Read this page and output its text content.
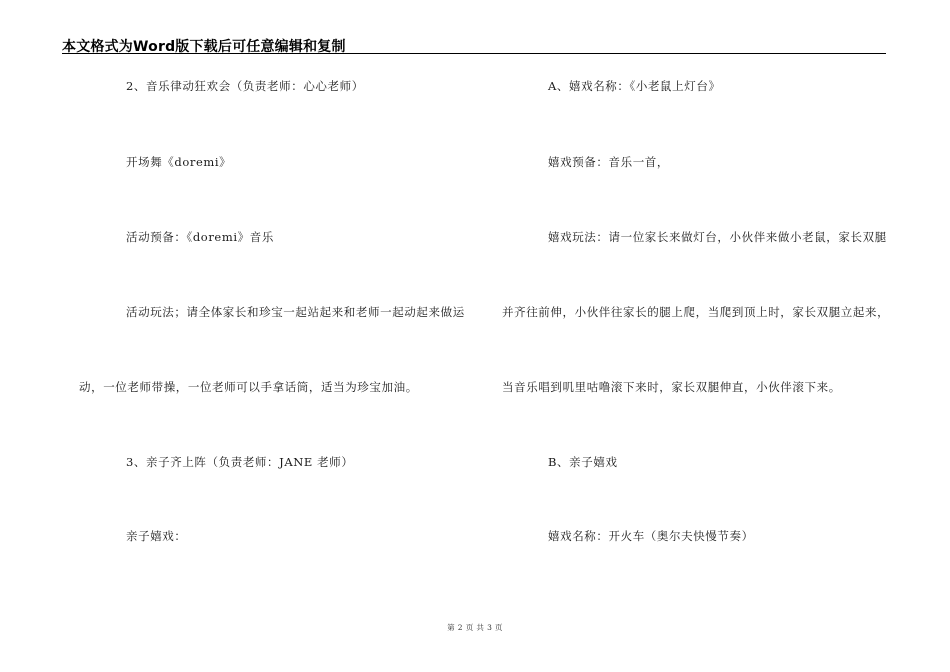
本文格式为Word版下载后可任意编辑和复制
2、音乐律动狂欢会（负责老师：心心老师）
开场舞《doremi》
活动预备：《doremi》音乐
活动玩法；请全体家长和珍宝一起站起来和老师一起动起来做运
动，一位老师带操，一位老师可以手拿话筒，适当为珍宝加油。
3、亲子齐上阵（负责老师：JANE 老师）
亲子嬉戏：
A、嬉戏名称：《小老鼠上灯台》
嬉戏预备：音乐一首，
嬉戏玩法：请一位家长来做灯台，小伙伴来做小老鼠，家长双腿
并齐往前伸，小伙伴往家长的腿上爬，当爬到顶上时，家长双腿立起来，
当音乐唱到叽里咕噜滚下来时，家长双腿伸直，小伙伴滚下来。
B、亲子嬉戏
嬉戏名称：开火车（奥尔夫快慢节奏）
第 2 页 共 3 页
